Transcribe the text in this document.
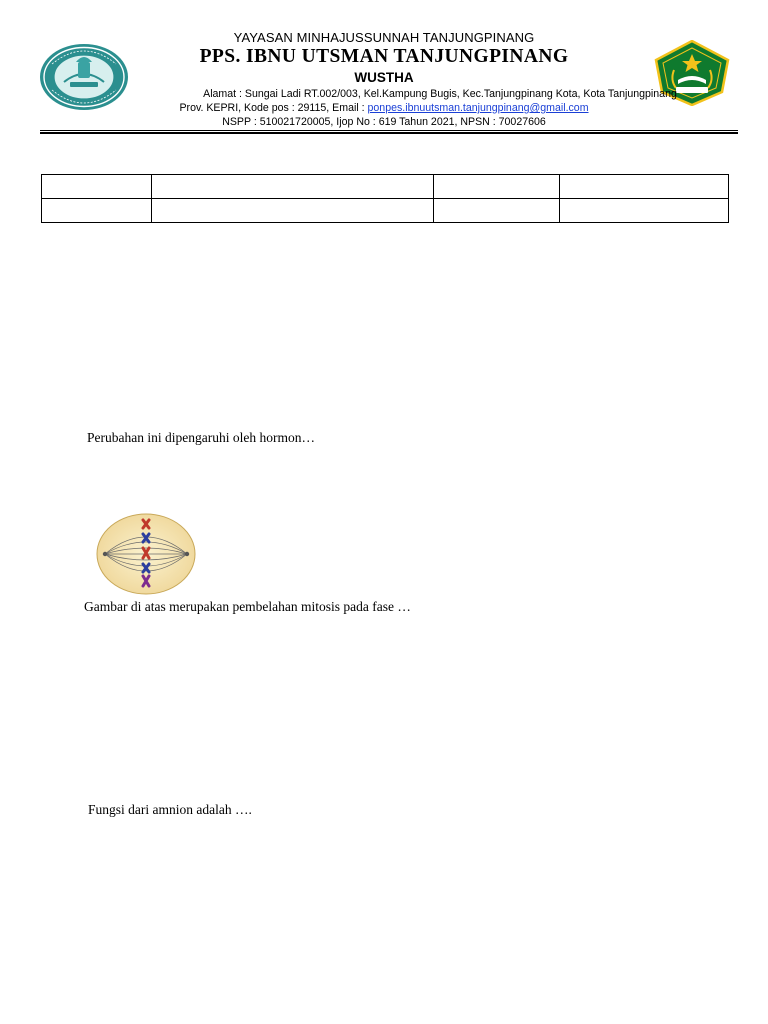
YAYASAN MINHAJUSSUNNAH TANJUNGPINANG
PPS. IBNU UTSMAN TANJUNGPINANG
WUSTHA
Alamat : Sungai Ladi RT.002/003, Kel.Kampung Bugis, Kec.Tanjungpinang Kota, Kota Tanjungpinang
Prov. KEPRI, Kode pos : 29115, Email : ponpes.ibnuutsman.tanjungpinang@gmail.com
NSPP : 510021720005, Ijop No : 619 Tahun 2021, NPSN : 70027606

Perubahan ini dipengaruhi oleh hormon…
Gambar di atas merupakan pembelahan mitosis pada fase …
Fungsi dari amnion adalah ….
